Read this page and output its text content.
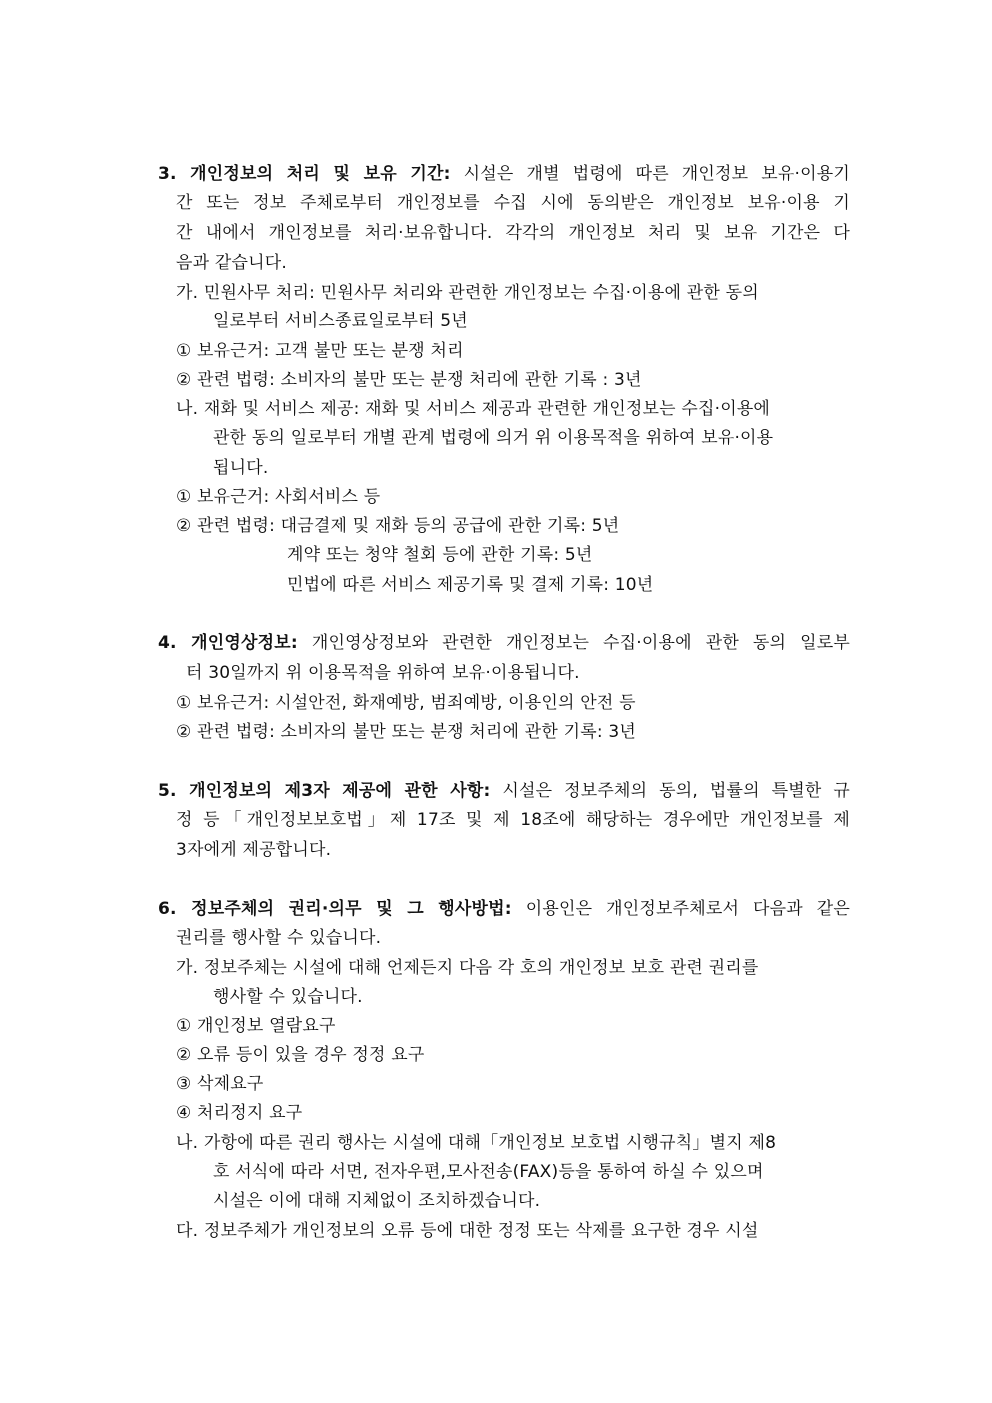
3. 개인정보의 처리 및 보유 기간: 시설은 개별 법령에 따른 개인정보 보유·이용기
간 또는 정보 주체로부터 개인정보를 수집 시에 동의받은 개인정보 보유·이용 기
간 내에서 개인정보를 처리·보유합니다. 각각의 개인정보 처리 및 보유 기간은 다
음과 같습니다.
가. 민원사무 처리: 민원사무 처리와 관련한 개인정보는 수집·이용에 관한 동의
일로부터 서비스종료일로부터 5년
① 보유근거: 고객 불만 또는 분쟁 처리
② 관련 법령: 소비자의 불만 또는 분쟁 처리에 관한 기록 : 3년
나. 재화 및 서비스 제공: 재화 및 서비스 제공과 관련한 개인정보는 수집·이용에
관한 동의 일로부터 개별 관계 법령에 의거 위 이용목적을 위하여 보유·이용
됩니다.
① 보유근거: 사회서비스 등
② 관련 법령: 대금결제 및 재화 등의 공급에 관한 기록: 5년
계약 또는 청약 철회 등에 관한 기록: 5년
민법에 따른 서비스 제공기록 및 결제 기록: 10년
4. 개인영상정보: 개인영상정보와 관련한 개인정보는 수집·이용에 관한 동의 일로부
터 30일까지 위 이용목적을 위하여 보유·이용됩니다.
① 보유근거: 시설안전, 화재예방, 범죄예방, 이용인의 안전 등
② 관련 법령: 소비자의 불만 또는 분쟁 처리에 관한 기록: 3년
5. 개인정보의 제3자 제공에 관한 사항: 시설은 정보주체의 동의, 법률의 특별한 규
정 등「개인정보보호법」제 17조 및 제 18조에 해당하는 경우에만 개인정보를 제
3자에게 제공합니다.
6. 정보주체의 권리·의무 및 그 행사방법: 이용인은 개인정보주체로서 다음과 같은
권리를 행사할 수 있습니다.
가. 정보주체는 시설에 대해 언제든지 다음 각 호의 개인정보 보호 관련 권리를
행사할 수 있습니다.
① 개인정보 열람요구
② 오류 등이 있을 경우 정정 요구
③ 삭제요구
④ 처리정지 요구
나. 가항에 따른 권리 행사는 시설에 대해「개인정보 보호법 시행규칙」별지 제8
호 서식에 따라 서면, 전자우편,모사전송(FAX)등을 통하여 하실 수 있으며
시설은 이에 대해 지체없이 조치하겠습니다.
다. 정보주체가 개인정보의 오류 등에 대한 정정 또는 삭제를 요구한 경우 시설
